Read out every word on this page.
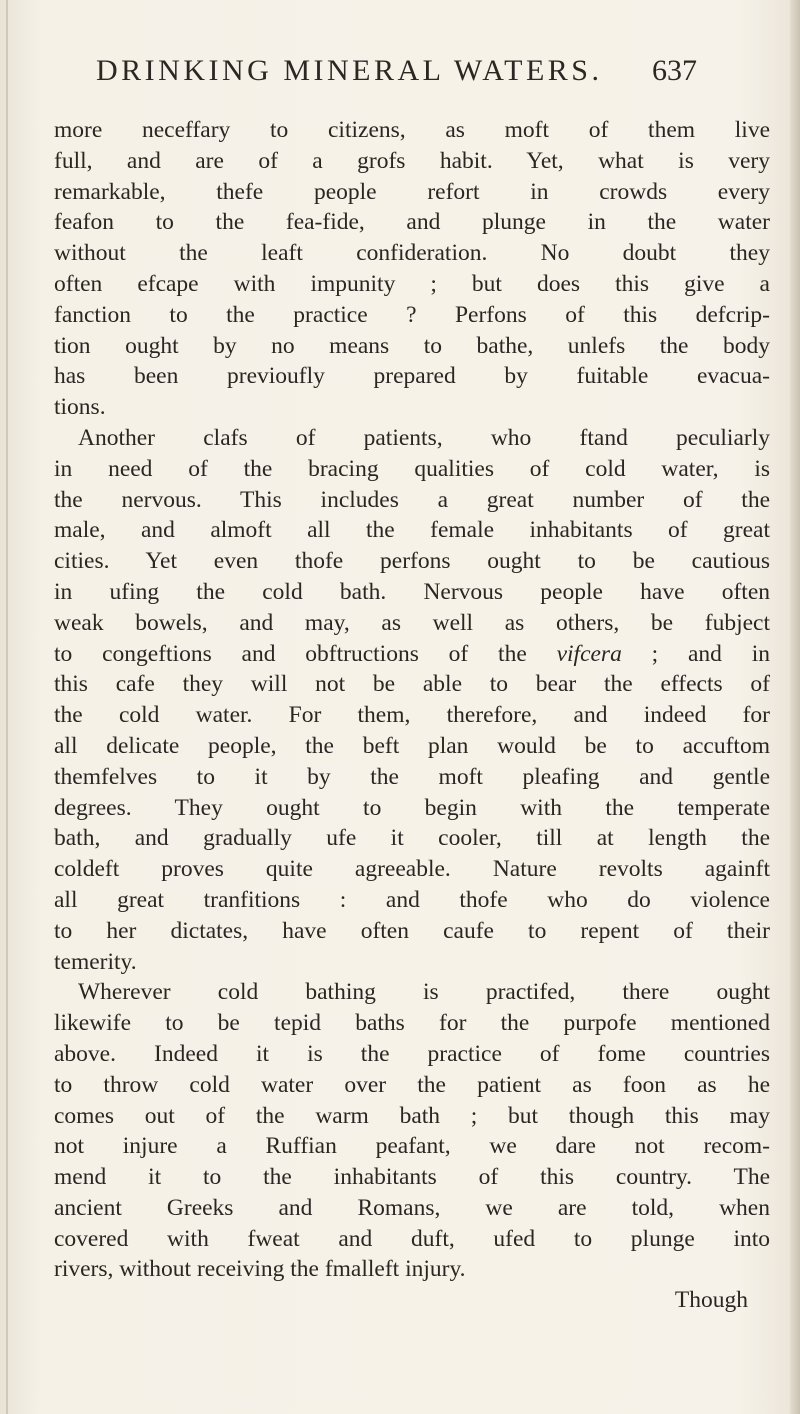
DRINKING MINERAL WATERS. 637
more neceffary to citizens, as moft of them live
full, and are of a grofs habit. Yet, what is very
remarkable, thefe people refort in crowds every
feafon to the fea-fide, and plunge in the water
without the leaft confideration. No doubt they
often efcape with impunity ; but does this give a
fanction to the practice ? Perfons of this defcrip-
tion ought by no means to bathe, unlefs the body
has been previoufly prepared by fuitable evacua-
tions.
Another clafs of patients, who ftand peculiarly
in need of the bracing qualities of cold water, is
the nervous. This includes a great number of the
male, and almoft all the female inhabitants of great
cities. Yet even thofe perfons ought to be cautious
in ufing the cold bath. Nervous people have often
weak bowels, and may, as well as others, be fubject
to congeftions and obftructions of the vifcera ; and in
this cafe they will not be able to bear the effects of
the cold water. For them, therefore, and indeed for
all delicate people, the beft plan would be to accuftom
themfelves to it by the moft pleafing and gentle
degrees. They ought to begin with the temperate
bath, and gradually ufe it cooler, till at length the
coldeft proves quite agreeable. Nature revolts againft
all great tranfitions : and thofe who do violence
to her dictates, have often caufe to repent of their
temerity.
Wherever cold bathing is practifed, there ought
likewife to be tepid baths for the purpofe mentioned
above. Indeed it is the practice of fome countries
to throw cold water over the patient as foon as he
comes out of the warm bath ; but though this may
not injure a Ruffian peafant, we dare not recom-
mend it to the inhabitants of this country. The
ancient Greeks and Romans, we are told, when
covered with fweat and duft, ufed to plunge into
rivers, without receiving the fmalleft injury.
Though
